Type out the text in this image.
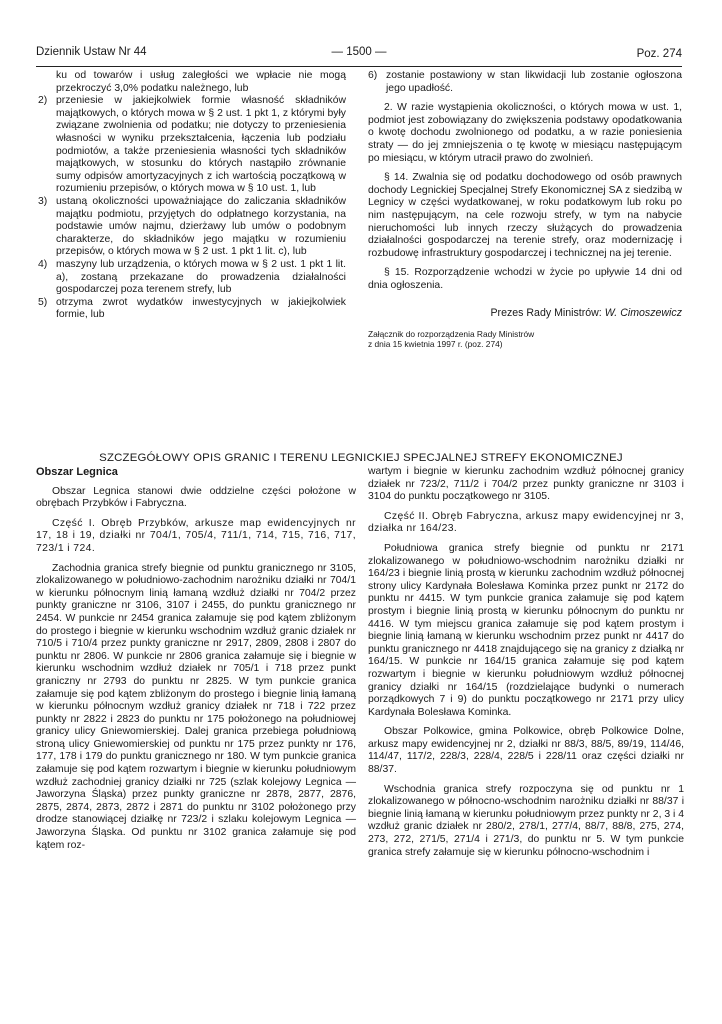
Dziennik Ustaw Nr 44	— 1500 —	Poz. 274

ku od towarów i usług zaległości we wpłacie nie mogą przekroczyć 3,0% podatku należnego, lub

2) przeniesie w jakiejkolwiek formie własność składników majątkowych, o których mowa w § 2 ust. 1 pkt 1, z którymi były związane zwolnienia od podatku; nie dotyczy to przeniesienia własności w wyniku przekształcenia, łączenia lub podziału podmiotów, a także przeniesienia własności tych składników majątkowych, w stosunku do których nastąpiło zrównanie sumy odpisów amortyzacyjnych z ich wartością początkową w rozumieniu przepisów, o których mowa w § 10 ust. 1, lub

3) ustaną okoliczności upoważniające do zaliczania składników majątku podmiotu, przyjętych do odpłatnego korzystania, na podstawie umów najmu, dzierżawy lub umów o podobnym charakterze, do składników jego majątku w rozumieniu przepisów, o których mowa w § 2 ust. 1 pkt 1 lit. c), lub

4) maszyny lub urządzenia, o których mowa w § 2 ust. 1 pkt 1 lit. a), zostaną przekazane do prowadzenia działalności gospodarczej poza terenem strefy, lub

5) otrzyma zwrot wydatków inwestycyjnych w jakiejkolwiek formie, lub

6) zostanie postawiony w stan likwidacji lub zostanie ogłoszona jego upadłość.

2. W razie wystąpienia okoliczności, o których mowa w ust. 1, podmiot jest zobowiązany do zwiększenia podstawy opodatkowania o kwotę dochodu zwolnionego od podatku, a w razie poniesienia straty — do jej zmniejszenia o tę kwotę w miesiącu następującym po miesiącu, w którym utracił prawo do zwolnień.

§ 14. Zwalnia się od podatku dochodowego od osób prawnych dochody Legnickiej Specjalnej Strefy Ekonomicznej SA z siedzibą w Legnicy w części wydatkowanej, w roku podatkowym lub roku po nim następującym, na cele rozwoju strefy, w tym na nabycie nieruchomości lub innych rzeczy służących do prowadzenia działalności gospodarczej na terenie strefy, oraz modernizację i rozbudowę infrastruktury gospodarczej i technicznej na jej terenie.

§ 15. Rozporządzenie wchodzi w życie po upływie 14 dni od dnia ogłoszenia.

Prezes Rady Ministrów: W. Cimoszewicz

Załącznik do rozporządzenia Rady Ministrów
z dnia 15 kwietnia 1997 r. (poz. 274)

SZCZEGÓŁOWY OPIS GRANIC I TERENU LEGNICKIEJ SPECJALNEJ STREFY EKONOMICZNEJ

Obszar Legnica

Obszar Legnica stanowi dwie oddzielne części położone w obrębach Przybków i Fabryczna.

Część I. Obręb Przybków, arkusze map ewidencyjnych nr 17, 18 i 19, działki nr 704/1, 705/4, 711/1, 714, 715, 716, 717, 723/1 i 724.

Zachodnia granica strefy biegnie od punktu granicznego nr 3105, zlokalizowanego w południowo-zachodnim narożniku działki nr 704/1 w kierunku północnym linią łamaną wzdłuż działki nr 704/2 przez punkty graniczne nr 3106, 3107 i 2455, do punktu granicznego nr 2454. W punkcie nr 2454 granica załamuje się pod kątem zbliżonym do prostego i biegnie w kierunku wschodnim wzdłuż granic działek nr 710/5 i 710/4 przez punkty graniczne nr 2917, 2809, 2808 i 2807 do punktu nr 2806. W punkcie nr 2806 granica załamuje się i biegnie w kierunku wschodnim wzdłuż działek nr 705/1 i 718 przez punkt graniczny nr 2793 do punktu nr 2825. W tym punkcie granica załamuje się pod kątem zbliżonym do prostego i biegnie linią łamaną w kierunku północnym wzdłuż granicy działek nr 718 i 722 przez punkty nr 2822 i 2823 do punktu nr 175 położonego na południowej granicy ulicy Gniewomierskiej. Dalej granica przebiega południową stroną ulicy Gniewomierskiej od punktu nr 175 przez punkty nr 176, 177, 178 i 179 do punktu granicznego nr 180. W tym punkcie granica załamuje się pod kątem rozwartym i biegnie w kierunku południowym wzdłuż zachodniej granicy działki nr 725 (szlak kolejowy Legnica — Jaworzyna Śląska) przez punkty graniczne nr 2878, 2877, 2876, 2875, 2874, 2873, 2872 i 2871 do punktu nr 3102 położonego przy drodze stanowiącej działkę nr 723/2 i szlaku kolejowym Legnica — Jaworzyna Śląska. Od punktu nr 3102 granica załamuje się pod kątem roz-

wartym i biegnie w kierunku zachodnim wzdłuż północnej granicy działek nr 723/2, 711/2 i 704/2 przez punkty graniczne nr 3103 i 3104 do punktu początkowego nr 3105.

Część II. Obręb Fabryczna, arkusz mapy ewidencyjnej nr 3, działka nr 164/23.

Południowa granica strefy biegnie od punktu nr 2171 zlokalizowanego w południowo-wschodnim narożniku działki nr 164/23 i biegnie linią prostą w kierunku zachodnim wzdłuż północnej strony ulicy Kardynała Bolesława Kominka przez punkt nr 2172 do punktu nr 4415. W tym punkcie granica załamuje się pod kątem prostym i biegnie linią prostą w kierunku północnym do punktu nr 4416. W tym miejscu granica załamuje się pod kątem prostym i biegnie linią łamaną w kierunku wschodnim przez punkt nr 4417 do punktu granicznego nr 4418 znajdującego się na granicy z działką nr 164/15. W punkcie nr 164/15 granica załamuje się pod kątem rozwartym i biegnie w kierunku południowym wzdłuż północnej granicy działki nr 164/15 (rozdzielające budynki o numerach porządkowych 7 i 9) do punktu początkowego nr 2171 przy ulicy Kardynała Bolesława Kominka.

Obszar Polkowice, gmina Polkowice, obręb Polkowice Dolne, arkusz mapy ewidencyjnej nr 2, działki nr 88/3, 88/5, 89/19, 114/46, 114/47, 117/2, 228/3, 228/4, 228/5 i 228/11 oraz części działki nr 88/37.

Wschodnia granica strefy rozpoczyna się od punktu nr 1 zlokalizowanego w północno-wschodnim narożniku działki nr 88/37 i biegnie linią łamaną w kierunku południowym przez punkty nr 2, 3 i 4 wzdłuż granic działek nr 280/2, 278/1, 277/4, 88/7, 88/8, 275, 274, 273, 272, 271/5, 271/4 i 271/3, do punktu nr 5. W tym punkcie granica strefy załamuje się w kierunku północno-wschodnim i
